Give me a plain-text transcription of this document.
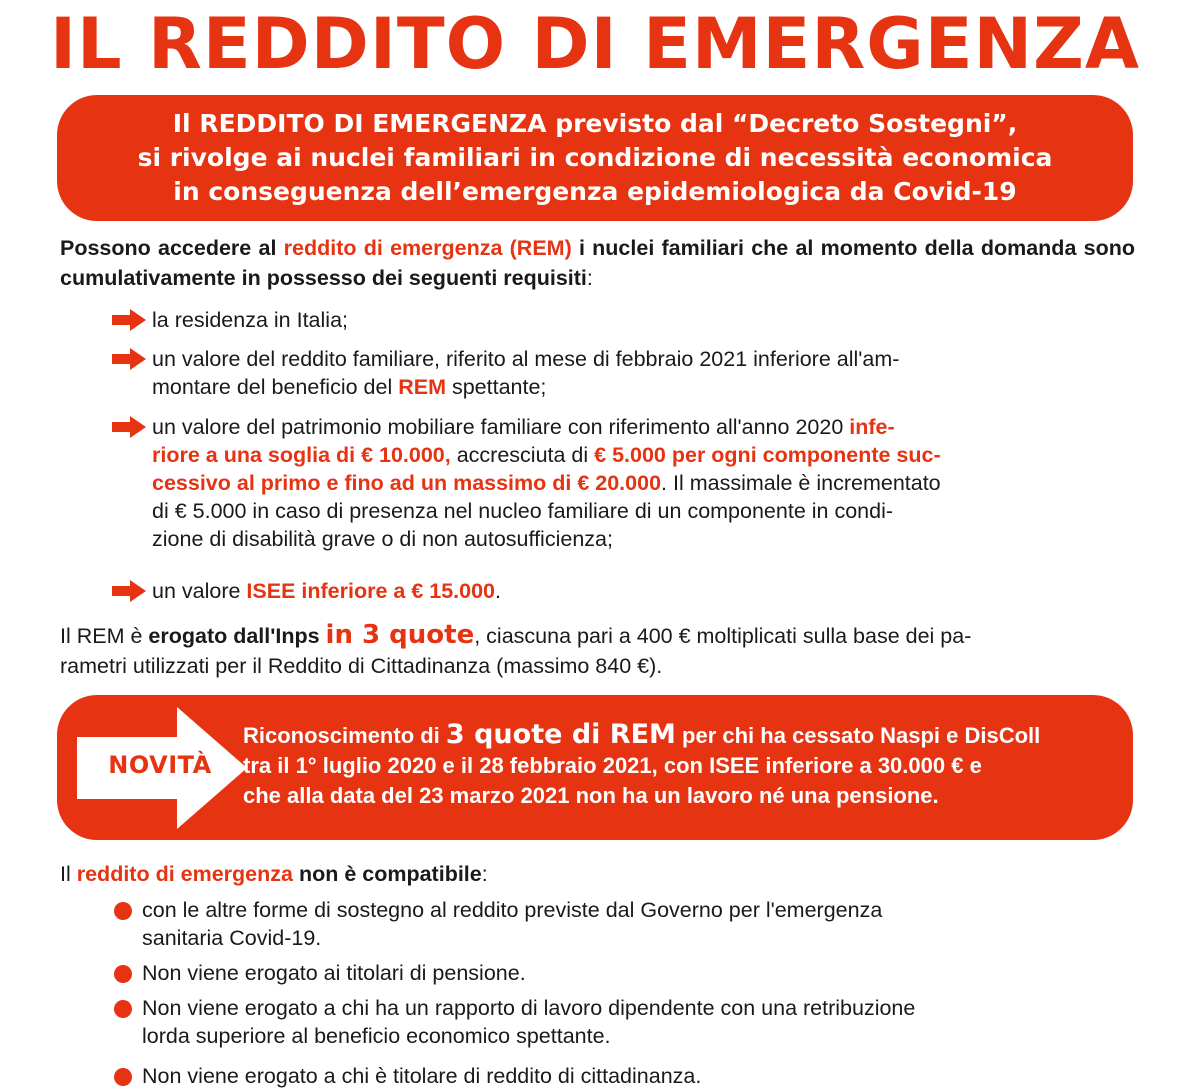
IL REDDITO DI EMERGENZA
Il REDDITO DI EMERGENZA previsto dal “Decreto Sostegni”,
si rivolge ai nuclei familiari in condizione di necessità economica
in conseguenza dell’emergenza epidemiologica da Covid-19

Possono accedere al reddito di emergenza (REM) i nuclei familiari che al momento della domanda sono cumulativamente in possesso dei seguenti requisiti:

la residenza in Italia;
un valore del reddito familiare, riferito al mese di febbraio 2021 inferiore all'am-
montare del beneficio del REM spettante;
un valore del patrimonio mobiliare familiare con riferimento all'anno 2020 infe-
riore a una soglia di € 10.000, accresciuta di € 5.000 per ogni componente suc-
cessivo al primo e fino ad un massimo di € 20.000. Il massimale è incrementato
di € 5.000 in caso di presenza nel nucleo familiare di un componente in condi-
zione di disabilità grave o di non autosufficienza;
un valore ISEE inferiore a € 15.000.
Il REM è erogato dall'Inps in 3 quote, ciascuna pari a 400 € moltiplicati sulla base dei pa-
rametri utilizzati per il Reddito di Cittadinanza (massimo 840 €).
NOVITÀ
Riconoscimento di 3 quote di REM per chi ha cessato Naspi e DisColl
tra il 1° luglio 2020 e il 28 febbraio 2021, con ISEE inferiore a 30.000 € e
che alla data del 23 marzo 2021 non ha un lavoro né una pensione.
Il reddito di emergenza non è compatibile:
con le altre forme di sostegno al reddito previste dal Governo per l'emergenza
sanitaria Covid-19.
Non viene erogato ai titolari di pensione.
Non viene erogato a chi ha un rapporto di lavoro dipendente con una retribuzione
lorda superiore al beneficio economico spettante.
Non viene erogato a chi è titolare di reddito di cittadinanza.
